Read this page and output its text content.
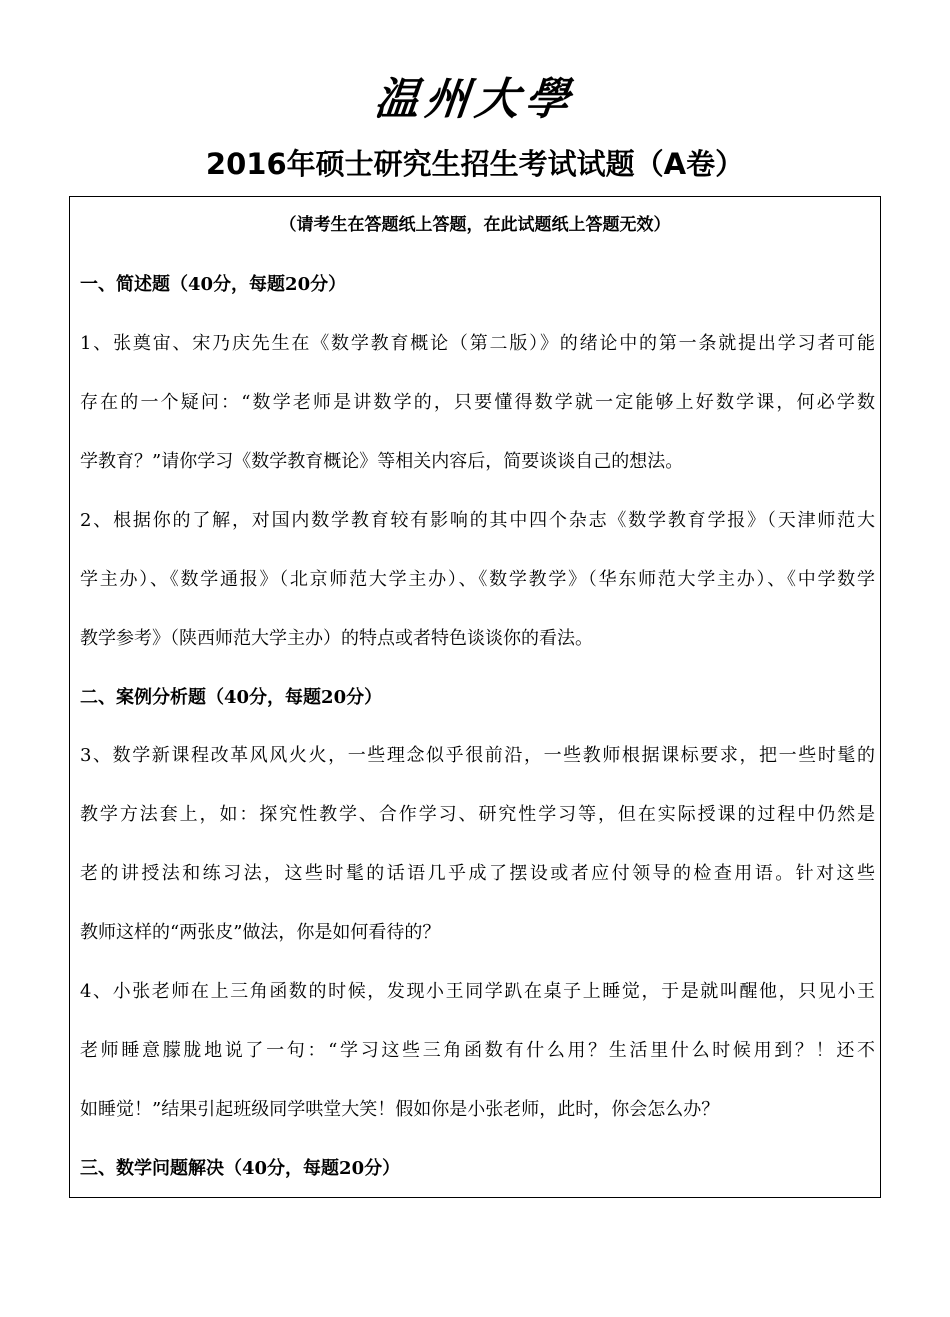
温州大學
2016年硕士研究生招生考试试题（A卷）
（请考生在答题纸上答题，在此试题纸上答题无效）
一、简述题（40分，每题20分）
1、张奠宙、宋乃庆先生在《数学教育概论（第二版）》的绪论中的第一条就提出学习者可能
存在的一个疑问：“数学老师是讲数学的，只要懂得数学就一定能够上好数学课，何必学数
学教育？”请你学习《数学教育概论》等相关内容后，简要谈谈自己的想法。
2、根据你的了解，对国内数学教育较有影响的其中四个杂志《数学教育学报》（天津师范大
学主办）、《数学通报》（北京师范大学主办）、《数学教学》（华东师范大学主办）、《中学数学
教学参考》（陕西师范大学主办）的特点或者特色谈谈你的看法。
二、案例分析题（40分，每题20分）
3、数学新课程改革风风火火，一些理念似乎很前沿，一些教师根据课标要求，把一些时髦的
教学方法套上，如：探究性教学、合作学习、研究性学习等，但在实际授课的过程中仍然是
老的讲授法和练习法，这些时髦的话语几乎成了摆设或者应付领导的检查用语。针对这些
教师这样的“两张皮”做法，你是如何看待的？
4、小张老师在上三角函数的时候，发现小王同学趴在桌子上睡觉，于是就叫醒他，只见小王
老师睡意朦胧地说了一句：“学习这些三角函数有什么用？生活里什么时候用到？！还不
如睡觉！”结果引起班级同学哄堂大笑！假如你是小张老师，此时，你会怎么办？
三、数学问题解决（40分，每题20分）
